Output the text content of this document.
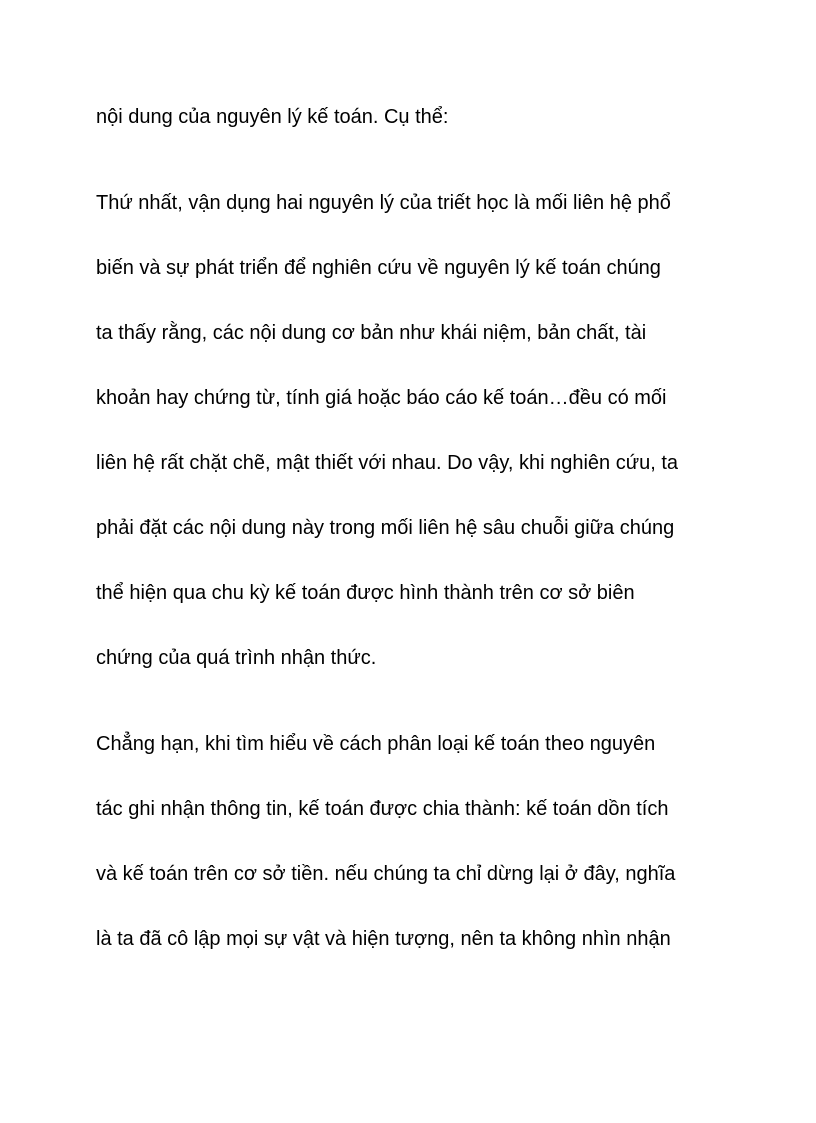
nội dung của nguyên lý kế toán. Cụ thể:
Thứ nhất, vận dụng hai nguyên lý của triết học là mối liên hệ phổ
biến và sự phát triển để nghiên cứu về nguyên lý kế toán chúng
ta thấy rằng, các nội dung cơ bản như khái niệm, bản chất, tài
khoản hay chứng từ, tính giá hoặc báo cáo kế toán…đều có mối
liên hệ rất chặt chẽ, mật thiết với nhau. Do vậy, khi nghiên cứu, ta
phải đặt các nội dung này trong mối liên hệ sâu chuỗi giữa chúng
thể hiện qua chu kỳ kế toán được hình thành trên cơ sở biên
chứng của quá trình nhận thức.
Chẳng hạn, khi tìm hiểu về cách phân loại kế toán theo nguyên
tác ghi nhận thông tin, kế toán được chia thành: kế toán dồn tích
và kế toán trên cơ sở tiền. nếu chúng ta chỉ dừng lại ở đây, nghĩa
là ta đã cô lập mọi sự vật và hiện tượng, nên ta không nhìn nhận
